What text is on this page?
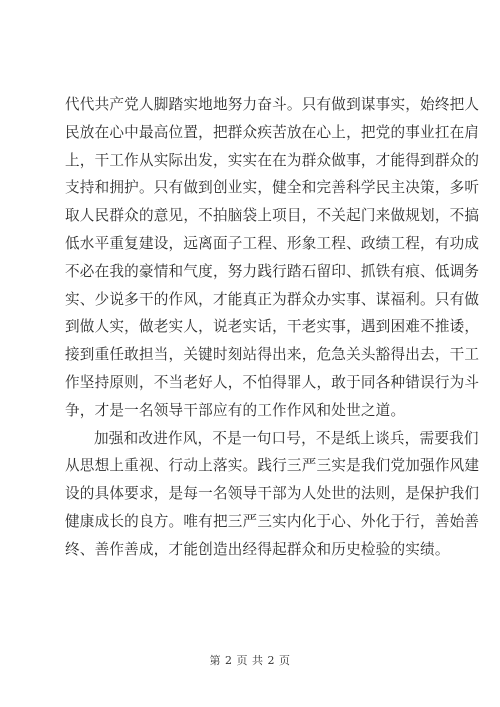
代代共产党人脚踏实地地努力奋斗。只有做到谋事实，始终把人
民放在心中最高位置，把群众疾苦放在心上，把党的事业扛在肩
上，干工作从实际出发，实实在在为群众做事，才能得到群众的
支持和拥护。只有做到创业实，健全和完善科学民主决策，多听
取人民群众的意见，不拍脑袋上项目，不关起门来做规划，不搞
低水平重复建设，远离面子工程、形象工程、政绩工程，有功成
不必在我的豪情和气度，努力践行踏石留印、抓铁有痕、低调务
实、少说多干的作风，才能真正为群众办实事、谋福利。只有做
到做人实，做老实人，说老实话，干老实事，遇到困难不推诿，
接到重任敢担当，关键时刻站得出来，危急关头豁得出去，干工
作坚持原则，不当老好人，不怕得罪人，敢于同各种错误行为斗
争，才是一名领导干部应有的工作作风和处世之道。
加强和改进作风，不是一句口号，不是纸上谈兵，需要我们
从思想上重视、行动上落实。践行三严三实是我们党加强作风建
设的具体要求，是每一名领导干部为人处世的法则，是保护我们
健康成长的良方。唯有把三严三实内化于心、外化于行，善始善
终、善作善成，才能创造出经得起群众和历史检验的实绩。
第 2 页 共 2 页
